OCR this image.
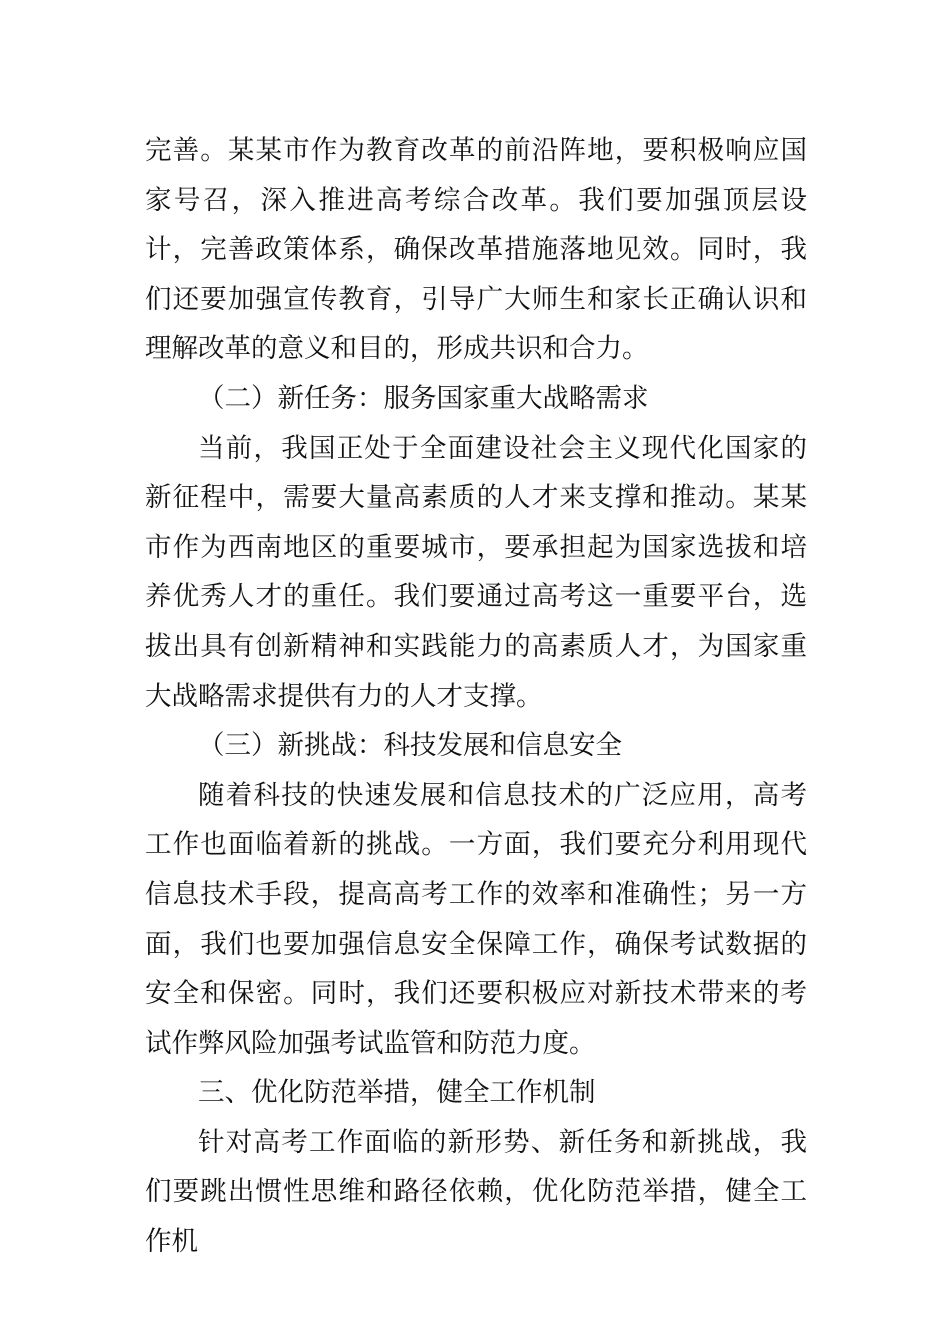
完善。某某市作为教育改革的前沿阵地，要积极响应国家号召，深入推进高考综合改革。我们要加强顶层设计，完善政策体系，确保改革措施落地见效。同时，我们还要加强宣传教育，引导广大师生和家长正确认识和理解改革的意义和目的，形成共识和合力。

（二）新任务：服务国家重大战略需求

当前，我国正处于全面建设社会主义现代化国家的新征程中，需要大量高素质的人才来支撑和推动。某某市作为西南地区的重要城市，要承担起为国家选拔和培养优秀人才的重任。我们要通过高考这一重要平台，选拔出具有创新精神和实践能力的高素质人才，为国家重大战略需求提供有力的人才支撑。

（三）新挑战：科技发展和信息安全

随着科技的快速发展和信息技术的广泛应用，高考工作也面临着新的挑战。一方面，我们要充分利用现代信息技术手段，提高高考工作的效率和准确性；另一方面，我们也要加强信息安全保障工作，确保考试数据的安全和保密。同时，我们还要积极应对新技术带来的考试作弊风险加强考试监管和防范力度。

三、优化防范举措，健全工作机制

针对高考工作面临的新形势、新任务和新挑战，我们要跳出惯性思维和路径依赖，优化防范举措，健全工作机
